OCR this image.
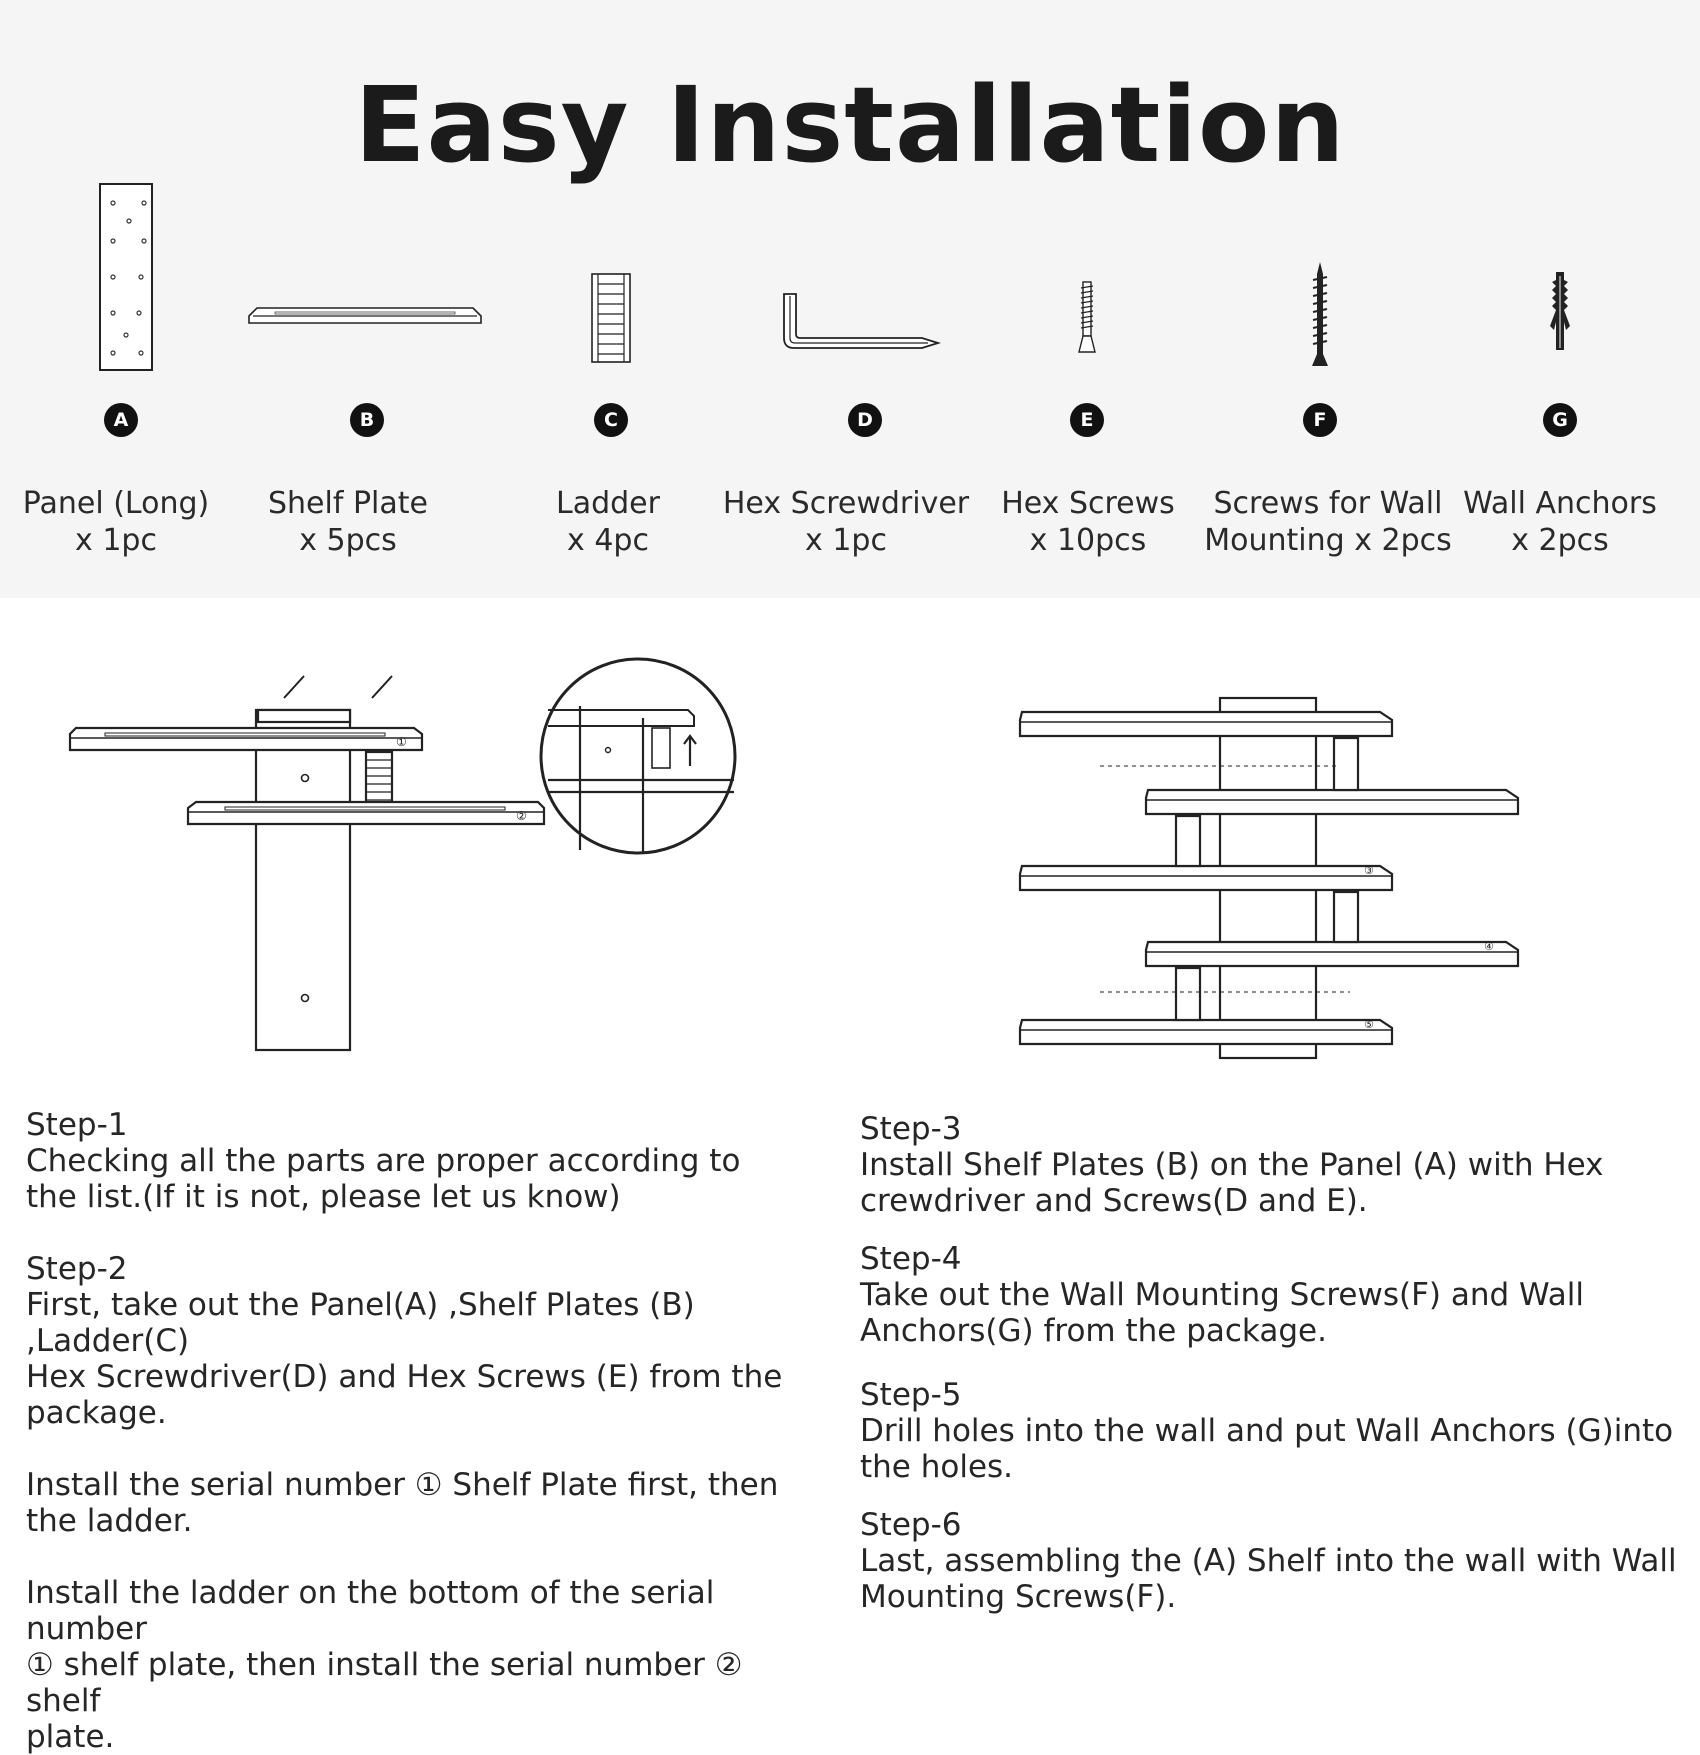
Easy Installation
A	B	C	D	E	F	G
Panel (Long)
x 1pc
Shelf Plate
x 5pcs
Ladder
x 4pc
Hex Screwdriver
x 1pc
Hex Screws
x 10pcs
Screws for Wall
Mounting x 2pcs
Wall Anchors
x 2pcs
①
②
③
④
⑤

Step-1

Checking all the parts are proper according to

the list.(If it is not, please let us know)

Step-2

First, take out the Panel(A) ,Shelf Plates (B) ,Ladder(C)

Hex Screwdriver(D) and Hex Screws (E) from the

package.

Install the serial number ① Shelf Plate first, then

the ladder.

Install the ladder on the bottom of the serial number

① shelf plate, then install the serial number ② shelf

plate.

Step-3

Install Shelf Plates (B) on the Panel (A) with Hex

crewdriver and Screws(D and E).

Step-4

Take out the Wall Mounting Screws(F) and Wall

Anchors(G) from the package.

Step-5

Drill holes into the wall and put Wall Anchors (G)into

the holes.

Step-6

Last, assembling the (A) Shelf into the wall with Wall

Mounting Screws(F).
